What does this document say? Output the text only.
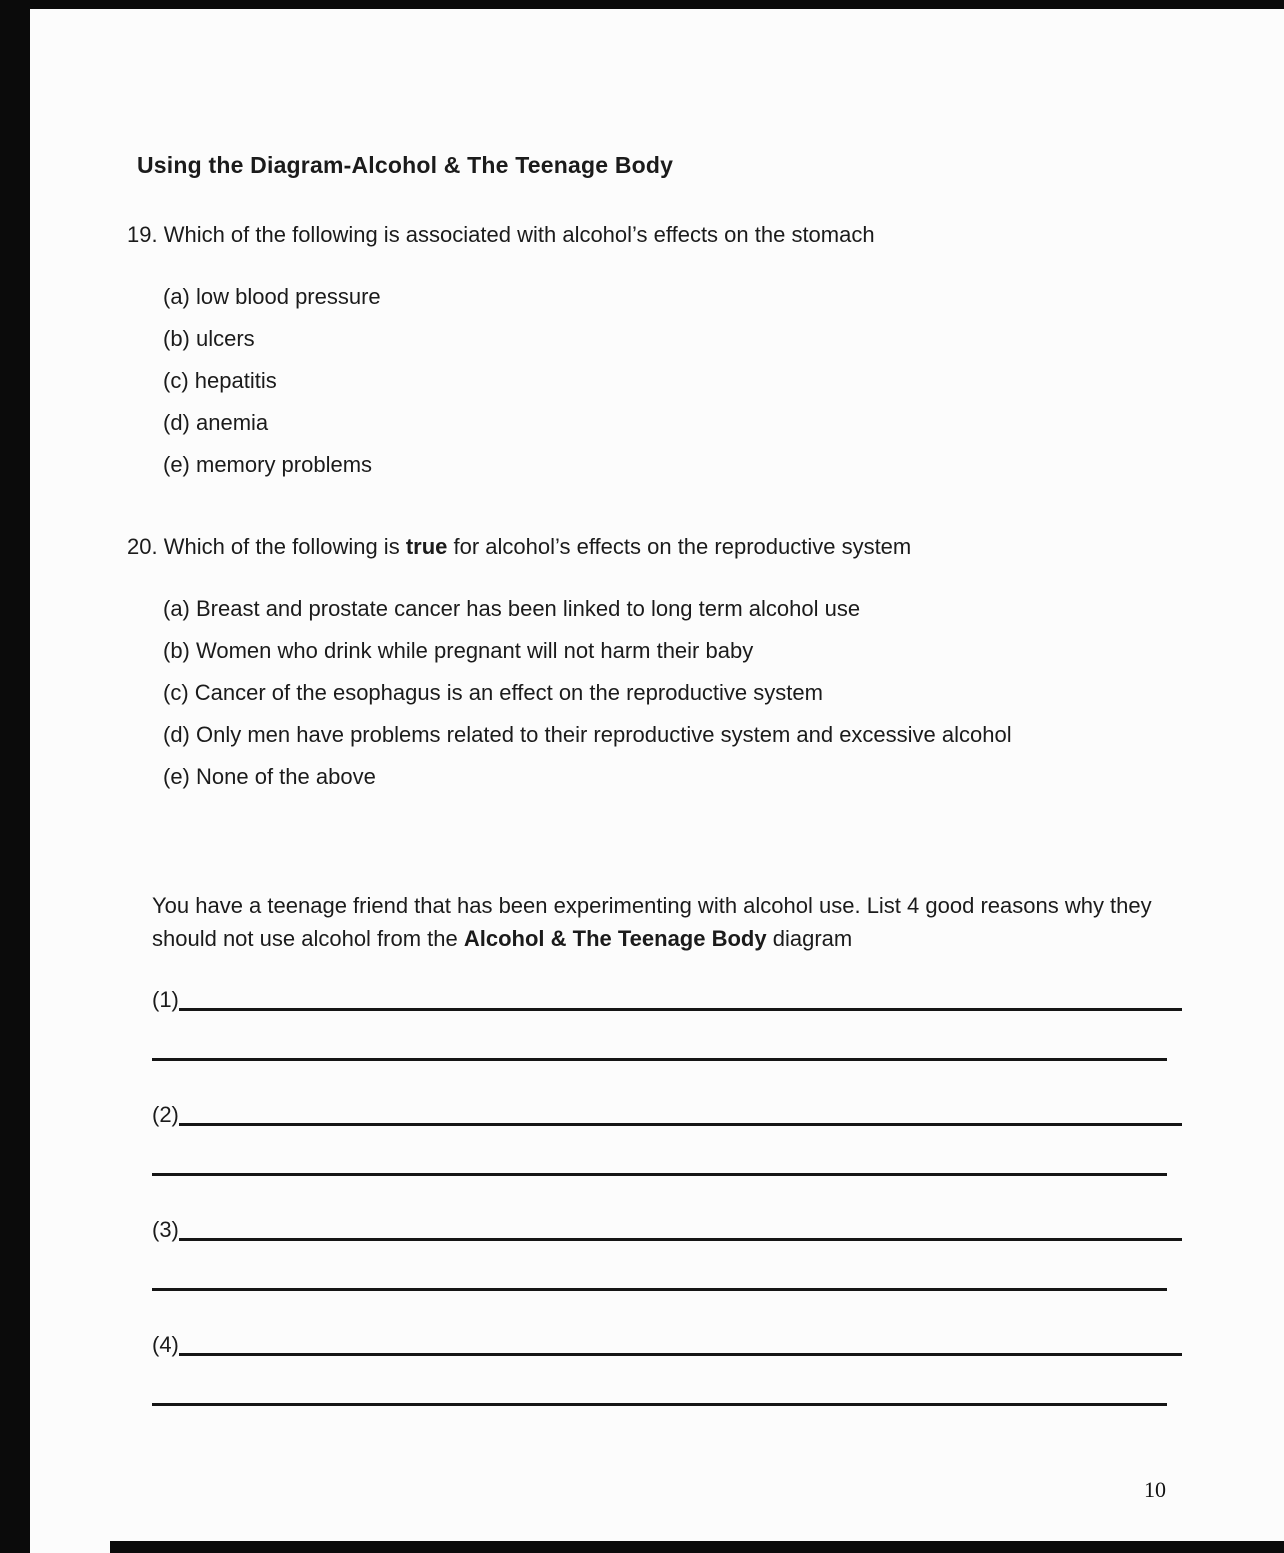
Using the Diagram-Alcohol & The Teenage Body

19. Which of the following is associated with alcohol’s effects on the stomach

(a) low blood pressure
(b) ulcers
(c) hepatitis
(d) anemia
(e) memory problems

20. Which of the following is true for alcohol’s effects on the reproductive system

(a) Breast and prostate cancer has been linked to long term alcohol use
(b) Women who drink while pregnant will not harm their baby
(c) Cancer of the esophagus is an effect on the reproductive system
(d) Only men have problems related to their reproductive system and excessive alcohol
(e) None of the above

You have a teenage friend that has been experimenting with alcohol use. List 4 good reasons why they should not use alcohol from the Alcohol & The Teenage Body diagram

(1)
(2)
(3)
(4)
10
